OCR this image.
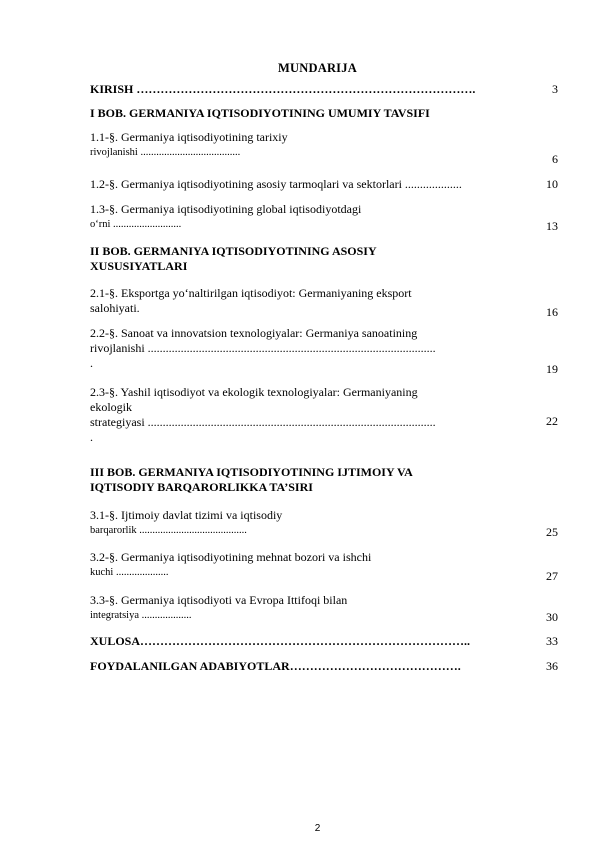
MUNDARIJA
KIRISH ………………………………………………………………………….	3
I BOB. GERMANIYA IQTISODIYOTINING UMUMIY TAVSIFI
1.1-§. Germaniya iqtisodiyotining tarixiy
rivojlanishi ......................................	6
1.2-§. Germaniya iqtisodiyotining asosiy tarmoqlari va sektorlari ...................	10
1.3-§. Germaniya iqtisodiyotining global iqtisodiyotdagi
o‘rni ..........................	13
II BOB. GERMANIYA IQTISODIYOTINING ASOSIY
XUSUSIYATLARI
2.1-§. Eksportga yo‘naltirilgan iqtisodiyot: Germaniyaning eksport
salohiyati.	16
2.2-§. Sanoat va innovatsion texnologiyalar: Germaniya sanoatining
rivojlanishi ................................................................................................
.	19
2.3-§. Yashil iqtisodiyot va ekologik texnologiyalar: Germaniyaning
ekologik
strategiyasi ................................................................................................
.
22
III BOB. GERMANIYA IQTISODIYOTINING IJTIMOIY VA
IQTISODIY BARQARORLIKKA TA’SIRI
3.1-§. Ijtimoiy davlat tizimi va iqtisodiy
barqarorlik .........................................	25
3.2-§. Germaniya iqtisodiyotining mehnat bozori va ishchi
kuchi ....................	27
3.3-§. Germaniya iqtisodiyoti va Evropa Ittifoqi bilan
integratsiya ...................	30
XULOSA………………………………………………………………………..	33
FOYDALANILGAN ADABIYOTLAR…………………………………….	36
2
